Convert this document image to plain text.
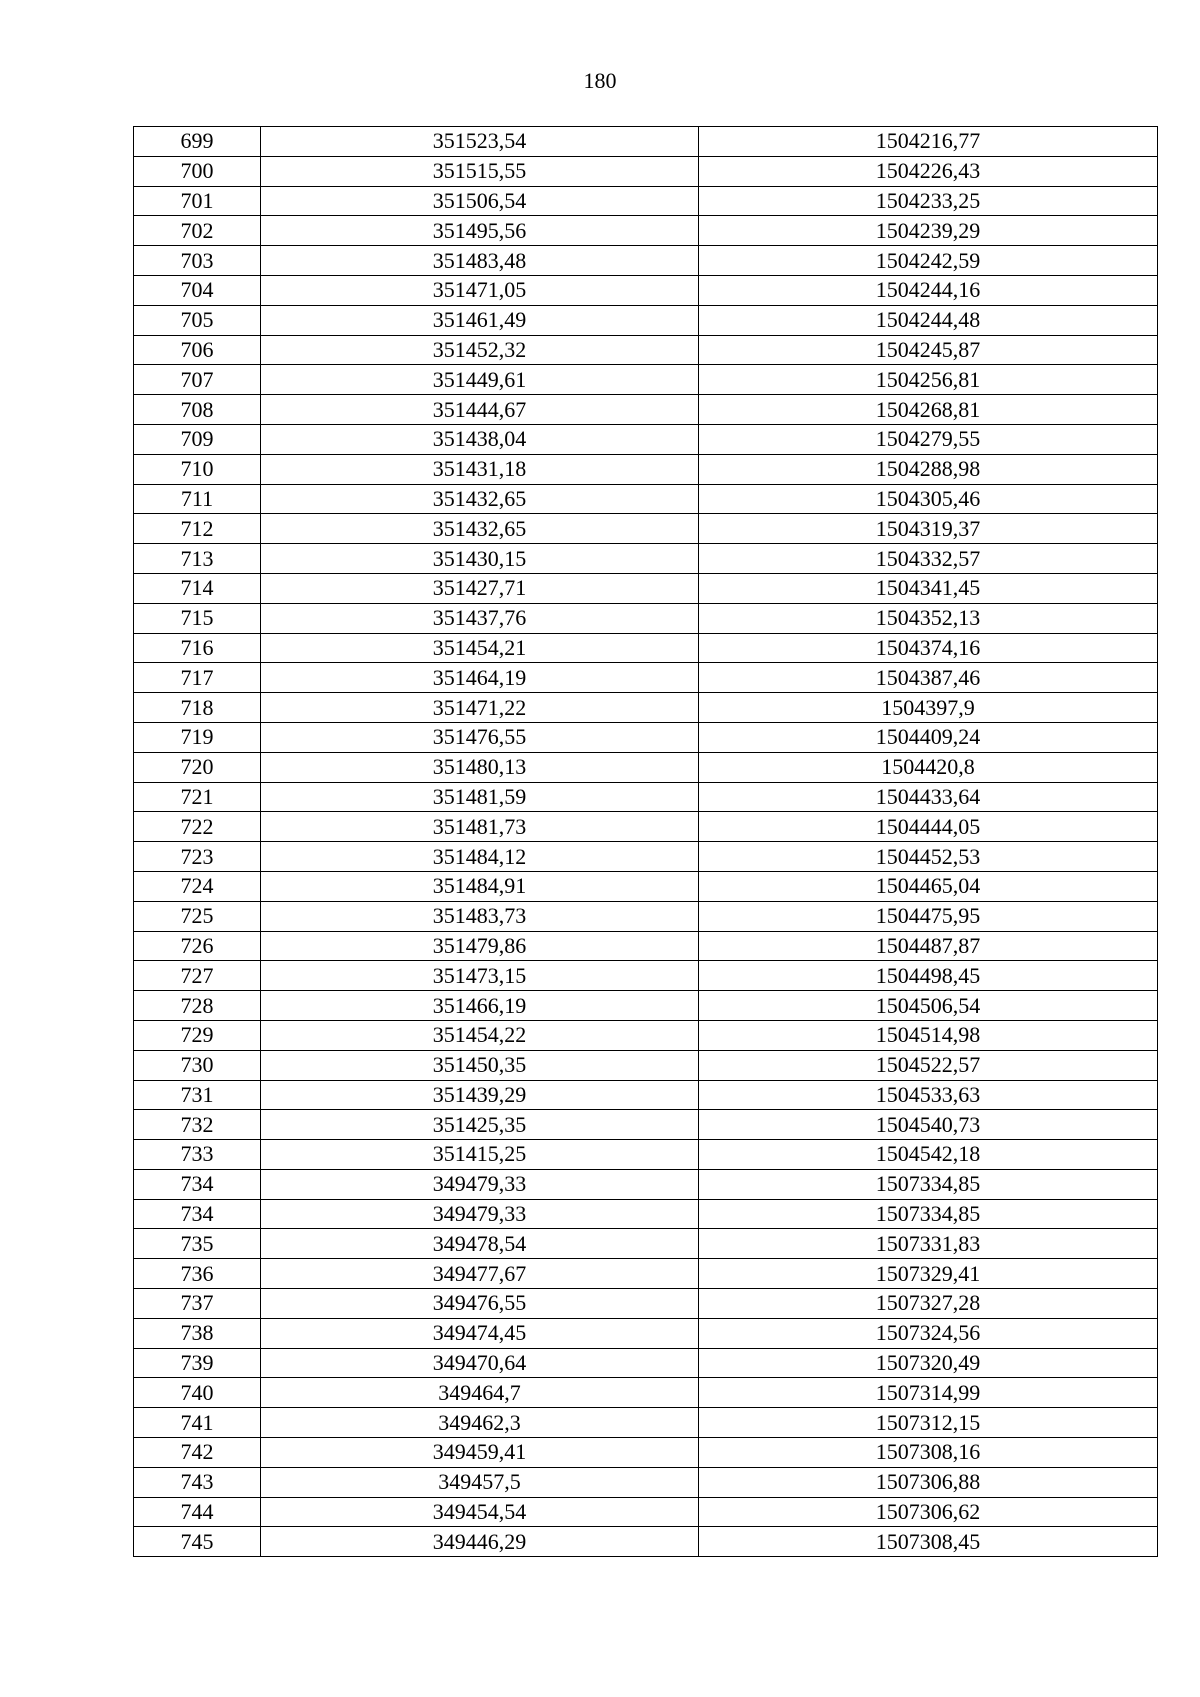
180
699	351523,54	1504216,77
700	351515,55	1504226,43
701	351506,54	1504233,25
702	351495,56	1504239,29
703	351483,48	1504242,59
704	351471,05	1504244,16
705	351461,49	1504244,48
706	351452,32	1504245,87
707	351449,61	1504256,81
708	351444,67	1504268,81
709	351438,04	1504279,55
710	351431,18	1504288,98
711	351432,65	1504305,46
712	351432,65	1504319,37
713	351430,15	1504332,57
714	351427,71	1504341,45
715	351437,76	1504352,13
716	351454,21	1504374,16
717	351464,19	1504387,46
718	351471,22	1504397,9
719	351476,55	1504409,24
720	351480,13	1504420,8
721	351481,59	1504433,64
722	351481,73	1504444,05
723	351484,12	1504452,53
724	351484,91	1504465,04
725	351483,73	1504475,95
726	351479,86	1504487,87
727	351473,15	1504498,45
728	351466,19	1504506,54
729	351454,22	1504514,98
730	351450,35	1504522,57
731	351439,29	1504533,63
732	351425,35	1504540,73
733	351415,25	1504542,18
734	349479,33	1507334,85
734	349479,33	1507334,85
735	349478,54	1507331,83
736	349477,67	1507329,41
737	349476,55	1507327,28
738	349474,45	1507324,56
739	349470,64	1507320,49
740	349464,7	1507314,99
741	349462,3	1507312,15
742	349459,41	1507308,16
743	349457,5	1507306,88
744	349454,54	1507306,62
745	349446,29	1507308,45
